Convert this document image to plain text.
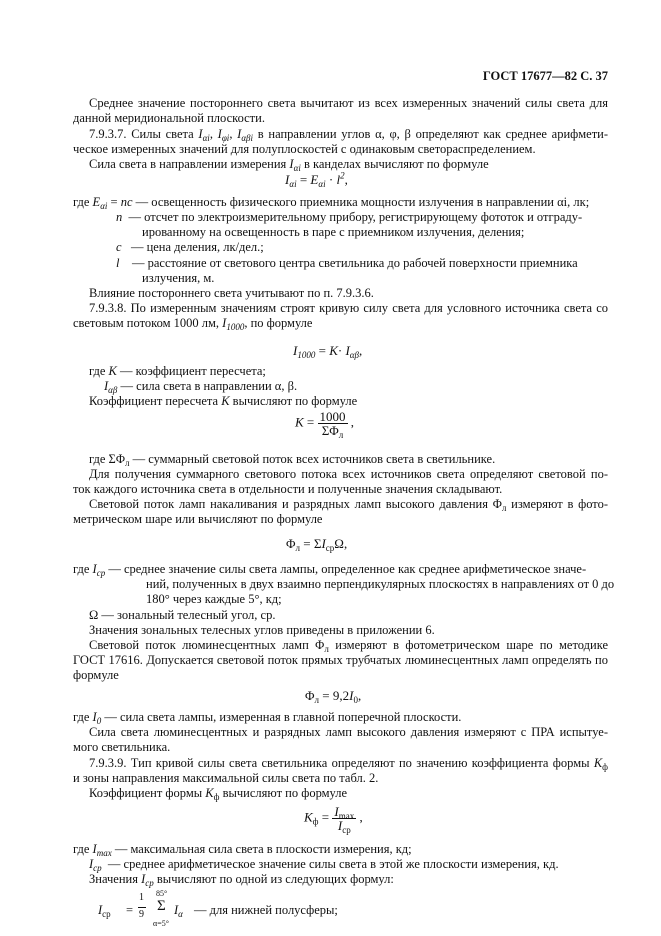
ГОСТ 17677—82 С. 37
Среднее значение постороннего света вычитают из всех измеренных значений силы света для
данной меридиональной плоскости.
7.9.3.7. Силы света $I_{\alpha i}$, $I_{\varphi i}$, $I_{\alpha\beta i}$ в направлении углов α, φ, β определяют как среднее арифмети-
ческое измеренных значений для полуплоскостей с одинаковым светораспределением.
Сила света в направлении измерения $I_{\alpha i}$ в канделах вычисляют по формуле
$I_{\alpha i} = E_{\alpha i} \cdot l^2$,
где $E_{\alpha i}$ = nc — освещенность физического приемника мощности излучения в направлении αi, лк;
n — отсчет по электроизмерительному прибору, регистрирующему фототок и отграду-
ированному на освещенность в паре с приемником излучения, деления;
c — цена деления, лк/дел.;
l — расстояние от светового центра светильника до рабочей поверхности приемника
излучения, м.
Влияние постороннего света учитывают по п. 7.9.3.6.
7.9.3.8. По измеренным значениям строят кривую силу света для условного источника света со
световым потоком 1000 лм, $I_{1000}$, по формуле
$I_{1000} = K\cdot I_{\alpha\beta}$,
где K — коэффициент пересчета;
$I_{\alpha\beta}$ — сила света в направлении α, β.
Коэффициент пересчета K вычисляют по формуле
$K = \frac{1000}{\Sigma\Phi_л}$ ,
где $\Sigma\Phi_л$ — суммарный световой поток всех источников света в светильнике.
Для получения суммарного светового потока всех источников света определяют световой по-
ток каждого источника света в отдельности и полученные значения складывают.
Световой поток ламп накаливания и разрядных ламп высокого давления $\Phi_л$ измеряют в фото-
метрическом шаре или вычисляют по формуле
$\Phi_л = \Sigma I_{ср}\Omega$,
где $I_{ср}$ — среднее значение силы света лампы, определенное как среднее арифметическое значе-
ний, полученных в двух взаимно перпендикулярных плоскостях в направлениях от 0 до
180° через каждые 5°, кд;
Ω — зональный телесный угол, ср.
Значения зональных телесных углов приведены в приложении 6.
Световой поток люминесцентных ламп $\Phi_л$ измеряют в фотометрическом шаре по методике
ГОСТ 17616. Допускается световой поток прямых трубчатых люминесцентных ламп определять по
формуле
$\Phi_л = 9,2I_0$,
где $I_0$ — сила света лампы, измеренная в главной поперечной плоскости.
Сила света люминесцентных и разрядных ламп высокого давления измеряют с ПРА испытуе-
мого светильника.
7.9.3.9. Тип кривой силы света светильника определяют по значению коэффициента формы $K_ф$
и зоны направления максимальной силы света по табл. 2.
Коэффициент формы $K_ф$ вычисляют по формуле
$K_ф = \frac{I_{max}}{I_{ср}}$ ,
где $I_{max}$ — максимальная сила света в плоскости измерения, кд;
$I_{ср}$ — среднее арифметическое значение силы света в этой же плоскости измерения, кд.
Значения $I_{ср}$ вычисляют по одной из следующих формул:
$I_{ср}$ =
1
9
85°
Σ
α=5°
$I_\alpha$ — для нижней полусферы;
